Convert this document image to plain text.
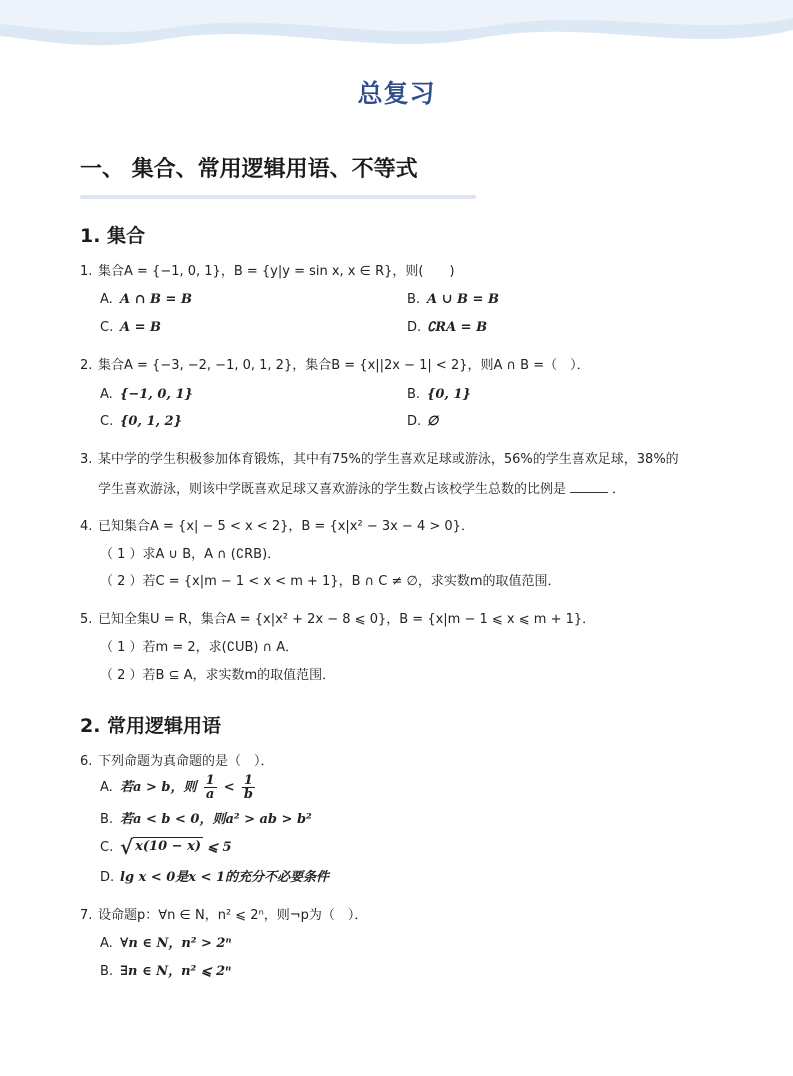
总复习
一、 集合、常用逻辑用语、不等式
1. 集合
1. 集合A = {−1, 0, 1}，B = {y|y = sin x, x ∈ R}，则(　　)
A. A ∩ B = B	B. A ∪ B = B
C. A = B	D. ∁RA = B
2. 集合A = {−3, −2, −1, 0, 1, 2}，集合B = {x||2x − 1| < 2}，则A ∩ B =（　）．
A. {−1, 0, 1}	B. {0, 1}
C. {0, 1, 2}	D. ∅
3. 某中学的学生积极参加体育锻炼，其中有75%的学生喜欢足球或游泳，56%的学生喜欢足球，38%的
学生喜欢游泳，则该中学既喜欢足球又喜欢游泳的学生数占该校学生总数的比例是	．
4. 已知集合A = {x| − 5 < x < 2}，B = {x|x² − 3x − 4 > 0}．
（ 1 ）求A ∪ B，A ∩ (∁RB)．
（ 2 ）若C = {x|m − 1 < x < m + 1}，B ∩ C ≠ ∅，求实数m的取值范围．
5. 已知全集U = R，集合A = {x|x² + 2x − 8 ⩽ 0}，B = {x|m − 1 ⩽ x ⩽ m + 1}．
（ 1 ）若m = 2，求(∁UB) ∩ A．
（ 2 ）若B ⊆ A，求实数m的取值范围．
2. 常用逻辑用语
6. 下列命题为真命题的是（　）．
A. 若a > b，则 $\frac{1}{a} < \frac{1}{b}$
B. 若a < b < 0，则a² > ab > b²
C. √ x(10 − x) ⩽ 5
D. lg x < 0是x < 1的充分不必要条件
7. 设命题p：∀n ∈ N，n² ⩽ 2ⁿ，则¬p为（　）．
A. ∀n ∈ N，n² > 2ⁿ
B. ∃n ∈ N，n² ⩽ 2ⁿ
